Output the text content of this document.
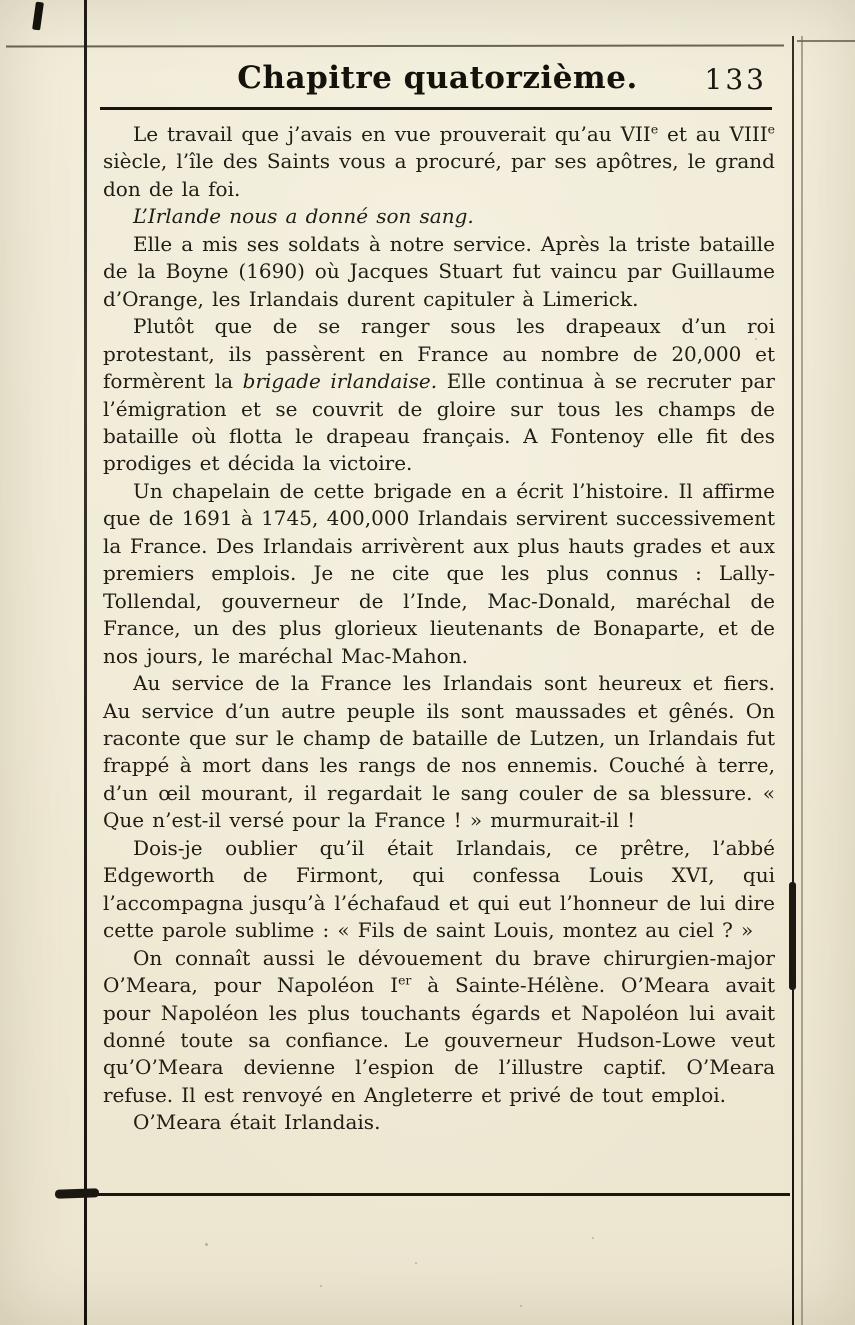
Chapitre quatorzième.	133

Le travail que j’avais en vue prouverait qu’au VIIe et au VIIIe siècle, l’île des Saints vous a procuré, par ses apôtres, le grand don de la foi.

L’Irlande nous a donné son sang.

Elle a mis ses soldats à notre service. Après la triste bataille de la Boyne (1690) où Jacques Stuart fut vaincu par Guillaume d’Orange, les Irlandais durent capituler à Limerick.

Plutôt que de se ranger sous les drapeaux d’un roi protestant, ils passèrent en France au nombre de 20,000 et formèrent la brigade irlandaise. Elle continua à se recruter par l’émigration et se couvrit de gloire sur tous les champs de bataille où flotta le drapeau français. A Fontenoy elle fit des prodiges et décida la victoire.

Un chapelain de cette brigade en a écrit l’histoire. Il affirme que de 1691 à 1745, 400,000 Irlandais servirent successivement la France. Des Irlandais arrivèrent aux plus hauts grades et aux premiers emplois. Je ne cite que les plus connus : Lally-Tollendal, gouverneur de l’Inde, Mac-Donald, maréchal de France, un des plus glorieux lieutenants de Bonaparte, et de nos jours, le maréchal Mac-Mahon.

Au service de la France les Irlandais sont heureux et fiers. Au service d’un autre peuple ils sont maussades et gênés. On raconte que sur le champ de bataille de Lutzen, un Irlandais fut frappé à mort dans les rangs de nos ennemis. Couché à terre, d’un œil mourant, il regardait le sang couler de sa blessure. « Que n’est-il versé pour la France ! » murmurait-il !

Dois-je oublier qu’il était Irlandais, ce prêtre, l’abbé Edgeworth de Firmont, qui confessa Louis XVI, qui l’accompagna jusqu’à l’échafaud et qui eut l’honneur de lui dire cette parole sublime : « Fils de saint Louis, montez au ciel ? »

On connaît aussi le dévouement du brave chirurgien-major O’Meara, pour Napoléon Ier à Sainte-Hélène. O’Meara avait pour Napoléon les plus touchants égards et Napoléon lui avait donné toute sa confiance. Le gouverneur Hudson-Lowe veut qu’O’Meara devienne l’espion de l’illustre captif. O’Meara refuse. Il est renvoyé en Angleterre et privé de tout emploi.

O’Meara était Irlandais.
